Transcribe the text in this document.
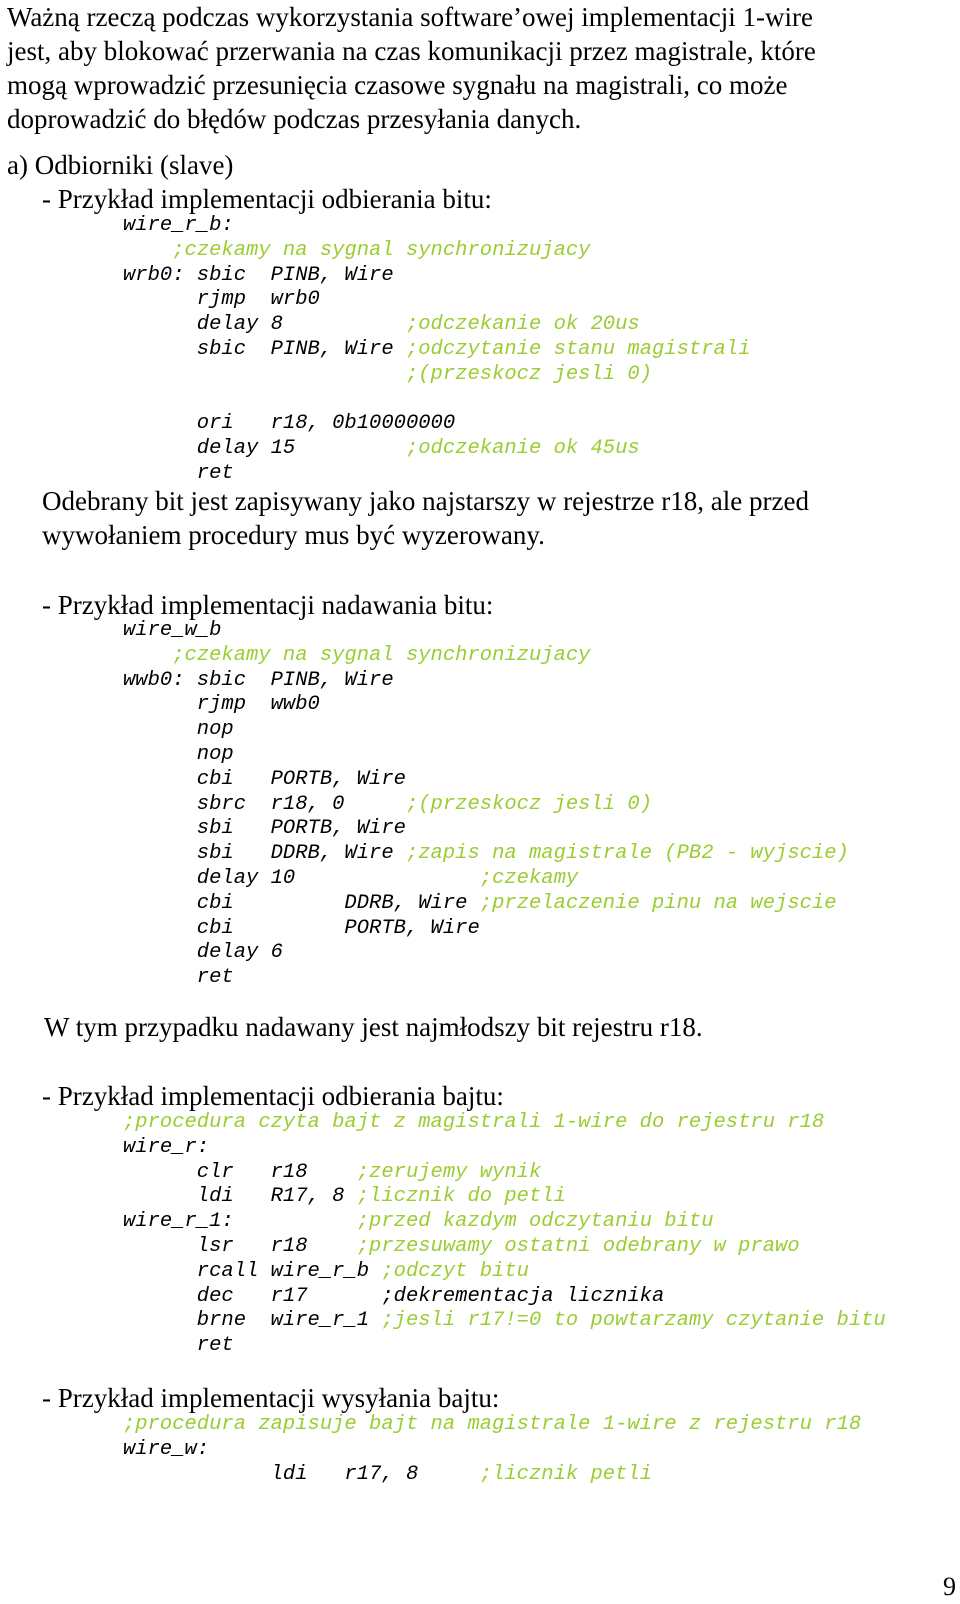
Ważną rzeczą podczas wykorzystania software’owej implementacji 1-wire
jest, aby blokować przerwania na czas komunikacji przez magistrale, które
mogą wprowadzić przesunięcia czasowe sygnału na magistrali, co może
doprowadzić do błędów podczas przesyłania danych.
a) Odbiorniki (slave)
- Przykład implementacji odbierania bitu:
wire_r_b:
;czekamy na sygnal synchronizujacy
wrb0: sbic  PINB, Wire
rjmp  wrb0
delay 8          ;odczekanie ok 20us
sbic  PINB, Wire ;odczytanie stanu magistrali
;(przeskocz jesli 0)
ori   r18, 0b10000000
delay 15         ;odczekanie ok 45us
ret
Odebrany bit jest zapisywany jako najstarszy w rejestrze r18, ale przed
wywołaniem procedury mus być wyzerowany.
- Przykład implementacji nadawania bitu:
wire_w_b
;czekamy na sygnal synchronizujacy
wwb0: sbic  PINB, Wire
rjmp  wwb0
nop
nop
cbi   PORTB, Wire
sbrc  r18, 0     ;(przeskocz jesli 0)
sbi   PORTB, Wire
sbi   DDRB, Wire ;zapis na magistrale (PB2 - wyjscie)
delay 10               ;czekamy
cbi         DDRB, Wire ;przelaczenie pinu na wejscie
cbi         PORTB, Wire
delay 6
ret
W tym przypadku nadawany jest najmłodszy bit rejestru r18.
- Przykład implementacji odbierania bajtu:
;procedura czyta bajt z magistrali 1-wire do rejestru r18
wire_r:
clr   r18    ;zerujemy wynik
ldi   R17, 8 ;licznik do petli
wire_r_1:          ;przed kazdym odczytaniu bitu
lsr   r18    ;przesuwamy ostatni odebrany w prawo
rcall wire_r_b ;odczyt bitu
dec   r17      ;dekrementacja licznika
brne  wire_r_1 ;jesli r17!=0 to powtarzamy czytanie bitu
ret
- Przykład implementacji wysyłania bajtu:
;procedura zapisuje bajt na magistrale 1-wire z rejestru r18
wire_w:
ldi   r17, 8     ;licznik petli
9
